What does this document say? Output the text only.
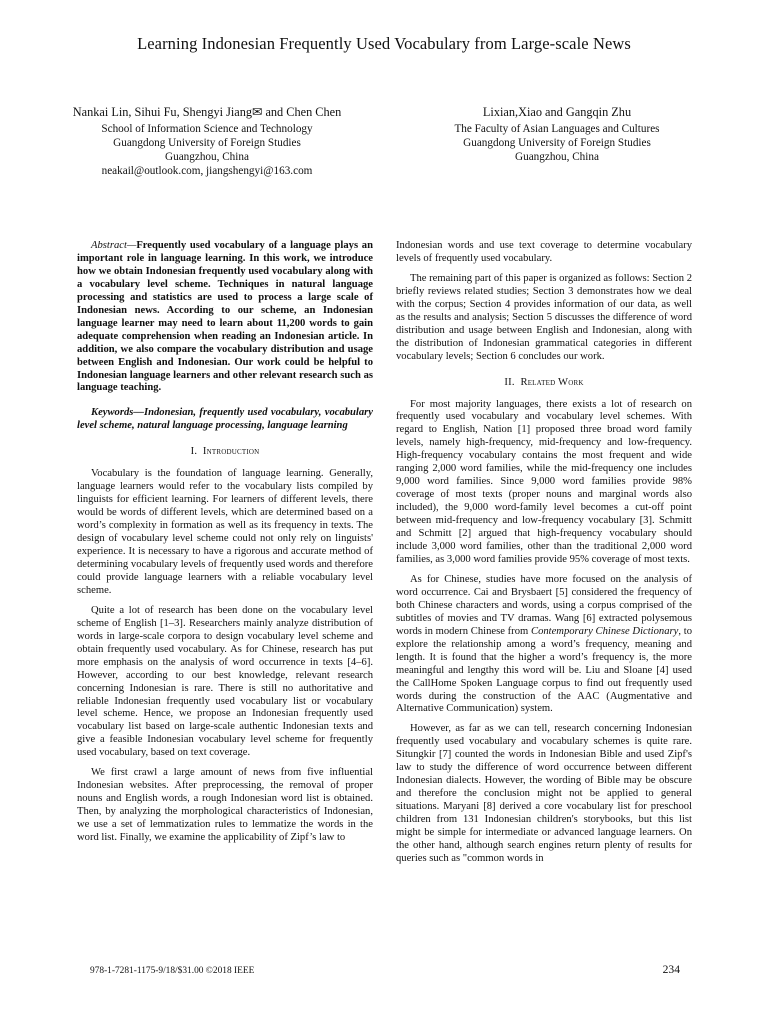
Learning Indonesian Frequently Used Vocabulary from Large-scale News
Nankai Lin, Sihui Fu, Shengyi Jiang✉ and Chen Chen
School of Information Science and Technology
Guangdong University of Foreign Studies
Guangzhou, China
neakail@outlook.com, jiangshengyi@163.com
Lixian,Xiao and Gangqin Zhu
The Faculty of Asian Languages and Cultures
Guangdong University of Foreign Studies
Guangzhou, China

Abstract—Frequently used vocabulary of a language plays an important role in language learning. In this work, we introduce how we obtain Indonesian frequently used vocabulary along with a vocabulary level scheme. Techniques in natural language processing and statistics are used to process a large scale of Indonesian news. According to our scheme, an Indonesian language learner may need to learn about 11,200 words to gain adequate comprehension when reading an Indonesian article. In addition, we also compare the vocabulary distribution and usage between English and Indonesian. Our work could be helpful to Indonesian language learners and other relevant research such as language teaching.

Keywords—Indonesian, frequently used vocabulary, vocabulary level scheme, natural language processing, language learning

I. Introduction

Vocabulary is the foundation of language learning. Generally, language learners would refer to the vocabulary lists compiled by linguists for efficient learning. For learners of different levels, there would be words of different levels, which are determined based on a word’s complexity in formation as well as its frequency in texts. The design of vocabulary level scheme could not only rely on linguists' experience. It is necessary to have a rigorous and accurate method of determining vocabulary levels of frequently used words and therefore could provide language learners with a reliable vocabulary level scheme.

Quite a lot of research has been done on the vocabulary level scheme of English [1–3]. Researchers mainly analyze distribution of words in large-scale corpora to design vocabulary level scheme and obtain frequently used vocabulary. As for Chinese, research has put more emphasis on the analysis of word occurrence in texts [4–6]. However, according to our best knowledge, relevant research concerning Indonesian is rare. There is still no authoritative and reliable Indonesian frequently used vocabulary list or vocabulary level scheme. Hence, we propose an Indonesian frequently used vocabulary list based on large-scale authentic Indonesian texts and give a feasible Indonesian vocabulary level scheme for frequently used vocabulary, based on text coverage.

We first crawl a large amount of news from five influential Indonesian websites. After preprocessing, the removal of proper nouns and English words, a rough Indonesian word list is obtained. Then, by analyzing the morphological characteristics of Indonesian, we use a set of lemmatization rules to lemmatize the words in the word list. Finally, we examine the applicability of Zipf’s law to

Indonesian words and use text coverage to determine vocabulary levels of frequently used vocabulary.

The remaining part of this paper is organized as follows: Section 2 briefly reviews related studies; Section 3 demonstrates how we deal with the corpus; Section 4 provides information of our data, as well as the results and analysis; Section 5 discusses the difference of word distribution and usage between English and Indonesian, along with the distribution of Indonesian grammatical categories in different vocabulary levels; Section 6 concludes our work.

II. Related Work

For most majority languages, there exists a lot of research on frequently used vocabulary and vocabulary level schemes. With regard to English, Nation [1] proposed three broad word family levels, namely high-frequency, mid-frequency and low-frequency. High-frequency vocabulary contains the most frequent and wide ranging 2,000 word families, while the mid-frequency one includes 9,000 word families. Since 9,000 word families provide 98% coverage of most texts (proper nouns and marginal words also included), the 9,000 word-family level becomes a cut-off point between mid-frequency and low-frequency vocabulary [3]. Schmitt and Schmitt [2] argued that high-frequency vocabulary should include 3,000 word families, other than the traditional 2,000 word families, as 3,000 word families provide 95% coverage of most texts.

As for Chinese, studies have more focused on the analysis of word occurrence. Cai and Brysbaert [5] considered the frequency of both Chinese characters and words, using a corpus comprised of the subtitles of movies and TV dramas. Wang [6] extracted polysemous words in modern Chinese from Contemporary Chinese Dictionary, to explore the relationship among a word’s frequency, meaning and length. It is found that the higher a word’s frequency is, the more meaningful and lengthy this word will be. Liu and Sloane [4] used the CallHome Spoken Language corpus to find out frequently used words during the construction of the AAC (Augmentative and Alternative Communication) system.

However, as far as we can tell, research concerning Indonesian frequently used vocabulary and vocabulary schemes is quite rare. Situngkir [7] counted the words in Indonesian Bible and used Zipf's law to study the difference of word occurrence between different Indonesian dialects. However, the wording of Bible may be obscure and therefore the conclusion might not be applied to general situations. Maryani [8] derived a core vocabulary list for preschool children from 131 Indonesian children's storybooks, but this list might be simple for intermediate or advanced language learners. On the other hand, although search engines return plenty of results for queries such as "common words in

978-1-7281-1175-9/18/$31.00 ©2018 IEEE	234
